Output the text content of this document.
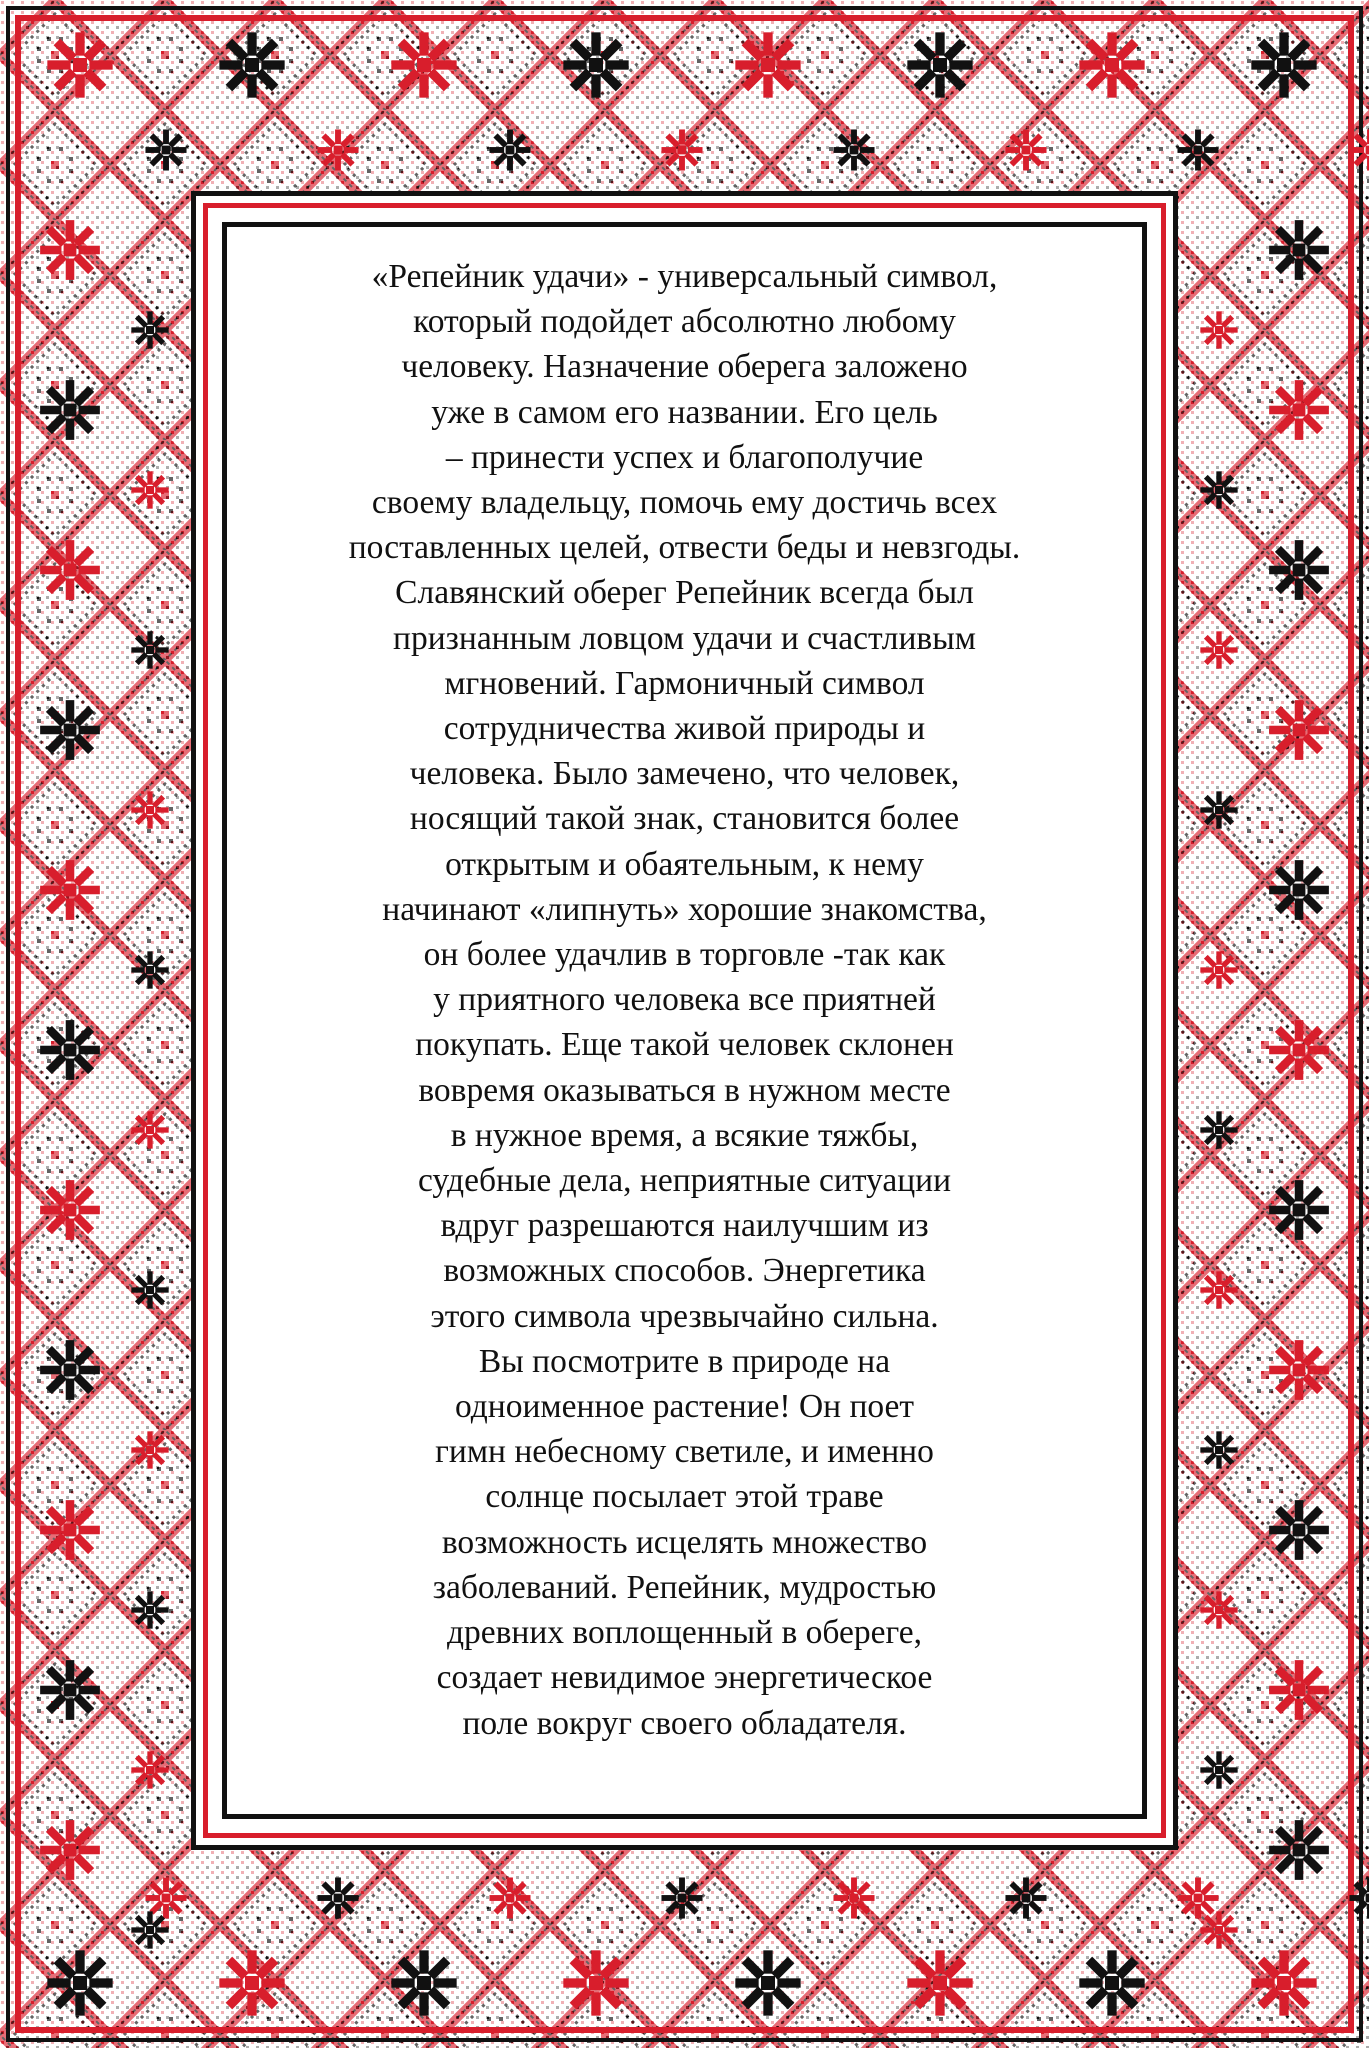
«Репейник удачи» - универсальный символ,
который подойдет абсолютно любому
человеку. Назначение оберега заложено
уже в самом его названии. Его цель
– принести успех и благополучие
своему владельцу, помочь ему достичь всех
поставленных целей, отвести беды и невзгоды.
Славянский оберег Репейник всегда был
признанным ловцом удачи и счастливым
мгновений. Гармоничный символ
сотрудничества живой природы и
человека. Было замечено, что человек,
носящий такой знак, становится более
открытым и обаятельным, к нему
начинают «липнуть» хорошие знакомства,
он более удачлив в торговле -так как
у приятного человека все приятней
покупать. Еще такой человек склонен
вовремя оказываться в нужном месте
в нужное время, а всякие тяжбы,
судебные дела, неприятные ситуации
вдруг разрешаются наилучшим из
возможных способов. Энергетика
этого символа чрезвычайно сильна.
Вы посмотрите в природе на
одноименное растение! Он поет
гимн небесному светиле, и именно
солнце посылает этой траве
возможность исцелять множество
заболеваний. Репейник, мудростью
древних воплощенный в обереге,
создает невидимое энергетическое
поле вокруг своего обладателя.
